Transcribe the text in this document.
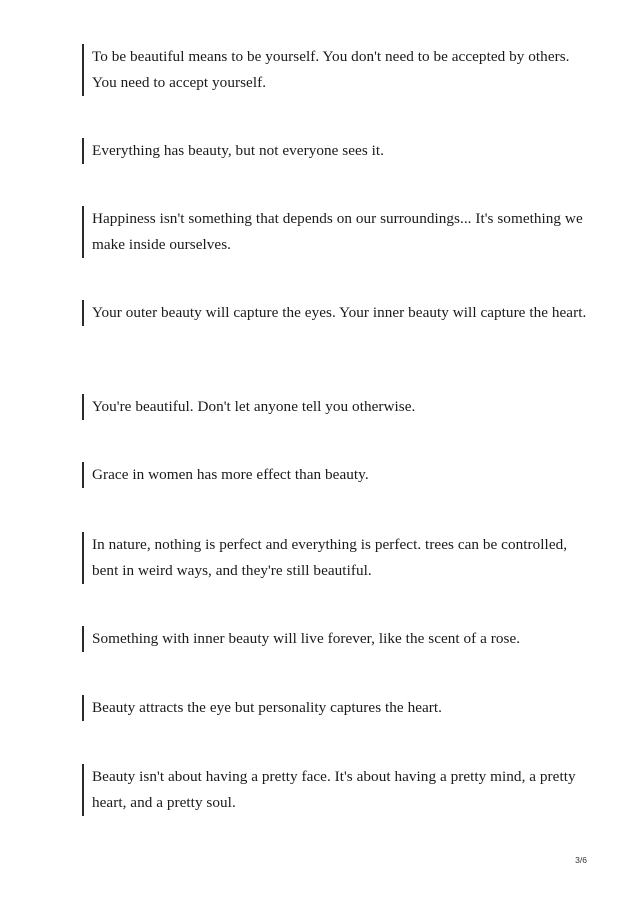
To be beautiful means to be yourself. You don't need to be accepted by others. You need to accept yourself.
Everything has beauty, but not everyone sees it.
Happiness isn't something that depends on our surroundings... It's something we make inside ourselves.
Your outer beauty will capture the eyes. Your inner beauty will capture the heart.
You're beautiful. Don't let anyone tell you otherwise.
Grace in women has more effect than beauty.
In nature, nothing is perfect and everything is perfect. trees can be controlled, bent in weird ways, and they're still beautiful.
Something with inner beauty will live forever, like the scent of a rose.
Beauty attracts the eye but personality captures the heart.
Beauty isn't about having a pretty face. It's about having a pretty mind, a pretty heart, and a pretty soul.
3/6
